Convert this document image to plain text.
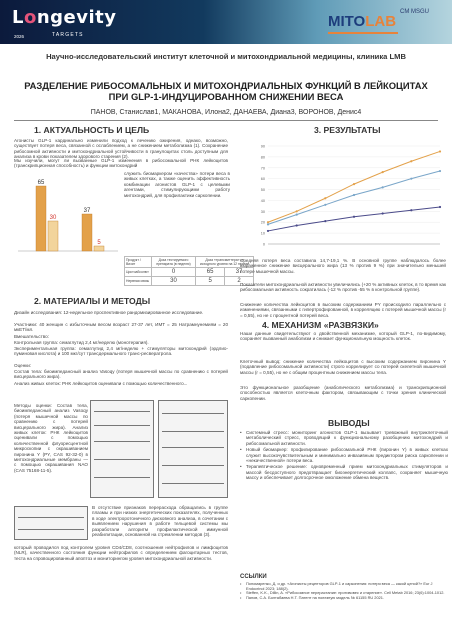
Longevity
TARGETS
2026
MITOLAB
CM MSGU
Научно-исследовательский институт клеточной и митохондриальной медицины, клиника LMB
РАЗДЕЛЕНИЕ РИБОСОМАЛЬНЫХ И МИТОХОНДРИАЛЬНЫХ ФУНКЦИЙ В ЛЕЙКОЦИТАХ ПРИ GLP-1-ИНДУЦИРОВАННОМ СНИЖЕНИИ ВЕСА
ПАНОВ, Станислав1, МАКАНОВА, Илона2, ДАНАЕВА, Диана3, ВОРОНОВ, Денис4
1. АКТУАЛЬНОСТЬ И ЦЕЛЬ
Агонисты GLP-1 кардинально изменили подход к лечению ожирения, однако, возможно, существует потеря веса, связанной с ослаблением, а не снижением метаболизма (1). Сохранение рибосомной активности и митохондриальной устойчивости в гранулоцитах столь доступным для анализа в крови показателем здорового старения (2).
Мы изучили, могут ли вызванные GLP-1 изменения в рибосомальной РНК лейкоцитов (транскрипционная способность) и функции митохондрий
служить биомаркером «качества» потери веса в живых клетках, а также оценить эффективность комбинации агонистов GLP-1 с целевыми агентами, стимулирующими работу митохондрий, для профилактики саркопении.
65
30
37
5
Продукт / Визит	Доза тестируемого препарата (в неделю)	Доза «трансмиттера» от исходного уровня на 12 неделе	
Цистоабсолют	0	65	37
Нервная связь	30	5	2
2. МАТЕРИАЛЫ И МЕТОДЫ
Дизайн исследования: 12-недельное проспективное рандомизированное исследование.
Участники: 40 женщин с избыточным весом возраст 27-37 лет, ИМТ = 25 Натрамнунемиям = 20 мкЕТ/мл.
Вмешательство:
Контрольная группа: семаглутид 2,4 мг/неделю (монотерапия).
Экспериментальная группа: семаглутид 2,4 мг/неделю + стимуляторы митохондрий (эрдлио-пуминовая кислота) и 100 мкг/сут трансдермального транс-ресвератрола.
Оценки:
Состав тела: биоимпедансный анализ Vasoqy (потеря мышечной массы по сравнению с потерей висцерального жира).
Анализ живых клеток: РНК лейкоцитов оценивали с помощью количественного...
Методы оценки: Состав тела, биоимпедансный анализ Vasoqy (потеря мышечной массы по сравнению с потерей висцерального жира). Анализ живых клеток: РНК лейкоцитов оценивали с помощью количественной флуоресцентной микроскопии с окрашиванием пиронина Y (PY, CAS 92-32-0) в митохондриальные мембраны — с помощью окрашивания NAO (CAS 75168-11-5).
В отсутствие признаков перерасхода обращались в группе плазмы и при низких энергетических показателях, полученных в ходе электроротоничного дисковного анализа, в сочетании с выявлением нарушения в работе тельцевой системы мы разработали алгоритм профилактической иммунной реабилитации, основанной на стремлении методов (3).
который проводился под контролем уровня CD4/CD8, соотношения нейтрофилов и лимфоцитов (NLR), качественного состояния функции нейтрофилов с определением фагоцитарных тестов, теста на спровоцированный апоптоз и мониторингом уровня митохондриальной активности.
3. РЕЗУЛЬТАТЫ
90
80
70
60
50
40
30
20
10
0
Средняя потеря веса составила 14,7-19,1 %. В основной группе наблюдалось более выраженное снижение висцерального жира (13 % против 9 %) при значительно меньшей потере мышечной массы.
Показатели митохондриальной активности увеличились (+20 % активных клеток, в то время как рибосомальная активность сократилась (-12 % против -55 % в контрольной группе).
Снижение количества лейкоцитов в высоким содержанием PY происходило параллельно с изменениями, связанными с гипертрофированной, в корреляцию с потерей мышечной массы (r = 0,55), но не с процентной потерей веса.
4. МЕХАНИЗМ «РАЗВЯЗКИ»
Наши данные свидетельствуют о двойственной механизме, который GLP-1, по-видимому, сохраняет вызванный анаболизм и снижает функциональную мощность клеток.
Клеточный вывод: снижение количества лейкоцитов с высоким содержанием пиронина Y (подавление рибосомальной активности) строго коррелирует со потерей скелетной мышечной массы (r = 0,55), но не с общим процентным снижением массы тела.
Это функциональное разобщение (анаболического метаболизма) и транскрипционной способностью является клеточным фактором, связывающим с точки зрения клинической саркопении.
ВЫВОДЫ
• Системный стресс: мониторинг агонистов GLP-1 вызывает тревожный внутриклеточный метаболический стресс, проводящий к функциональному разобщению митохондрий и рибосомальной активности.
• Новый биомаркер: профилирование рибосомальной РНК (пиронин Y) в живых клетках служит высокочувствительным и минимально инвазивным предиктором риска саркопении и «некачественной» потери веса.
• Терапевтическое решение: одновременный прием митохондриальных стимуляторов и массой бесдоступного предотвращает биоэнергетический коллапс, сохраняет мышечную массу и обеспечивает долгосрочное омоложение обмена веществ.
ССЫЛКИ
• Пономаренко, Д. и др. «Агонисты рецепторов GLP-1 и саркопения: потеря веса — какой ценой?» Eur J Endocrinol 2023; 188(2).
• Steffen, K.K., Dillin, A. «Рибосомное перерастание: противовес и старение». Cell Metab 2016; 23(6):1004-1012.
• Панов, С.А. Болтабаева Н.Т. Патент на полезную модель № 61155 RU 2021.
